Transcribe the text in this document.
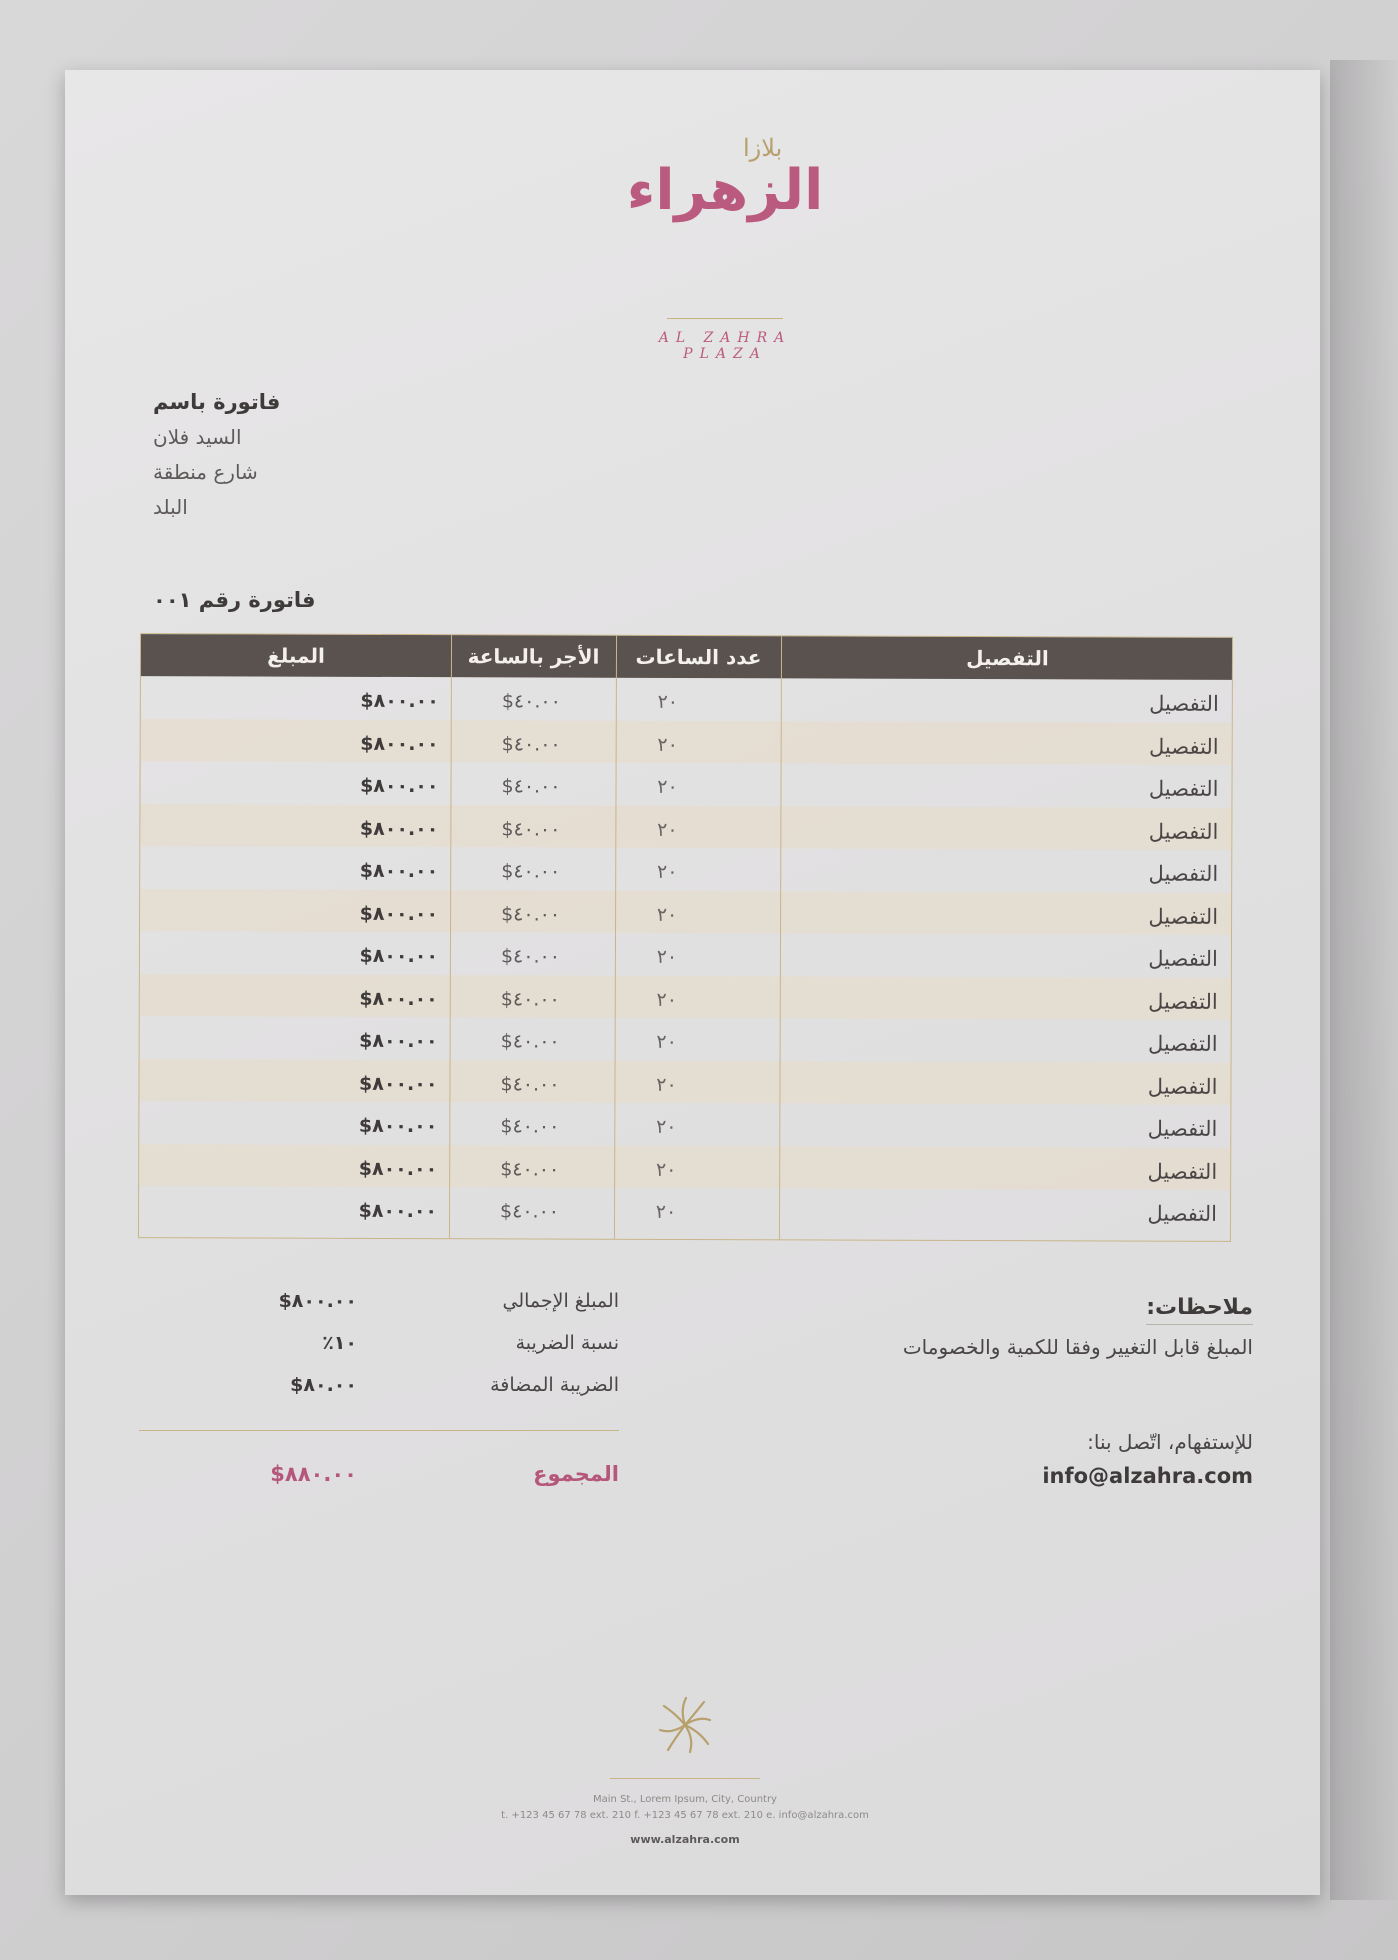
بلازا
الزهراء
AL ZAHRA PLAZA
فاتورة باسم
السيد فلان
شارع منطقة
البلد
فاتورة رقم ٠٠١
المبلغ	الأجر بالساعة	عدد الساعات	التفصيل
$٨٠٠.٠٠	$٤٠.٠٠	٢٠	التفصيل
$٨٠٠.٠٠	$٤٠.٠٠	٢٠	التفصيل
$٨٠٠.٠٠	$٤٠.٠٠	٢٠	التفصيل
$٨٠٠.٠٠	$٤٠.٠٠	٢٠	التفصيل
$٨٠٠.٠٠	$٤٠.٠٠	٢٠	التفصيل
$٨٠٠.٠٠	$٤٠.٠٠	٢٠	التفصيل
$٨٠٠.٠٠	$٤٠.٠٠	٢٠	التفصيل
$٨٠٠.٠٠	$٤٠.٠٠	٢٠	التفصيل
$٨٠٠.٠٠	$٤٠.٠٠	٢٠	التفصيل
$٨٠٠.٠٠	$٤٠.٠٠	٢٠	التفصيل
$٨٠٠.٠٠	$٤٠.٠٠	٢٠	التفصيل
$٨٠٠.٠٠	$٤٠.٠٠	٢٠	التفصيل
$٨٠٠.٠٠	$٤٠.٠٠	٢٠	التفصيل
$٨٠٠.٠٠	المبلغ الإجمالي
٪١٠	نسبة الضريبة
$٨٠.٠٠	الضريبة المضافة
$٨٨٠.٠٠	المجموع
ملاحظات:
المبلغ قابل التغيير وفقا للكمية والخصومات
للإستفهام، اتّصل بنا:
info@alzahra.com
Main St., Lorem Ipsum, City, Country
t. +123 45 67 78 ext. 210 f. +123 45 67 78 ext. 210 e. info@alzahra.com
www.alzahra.com
